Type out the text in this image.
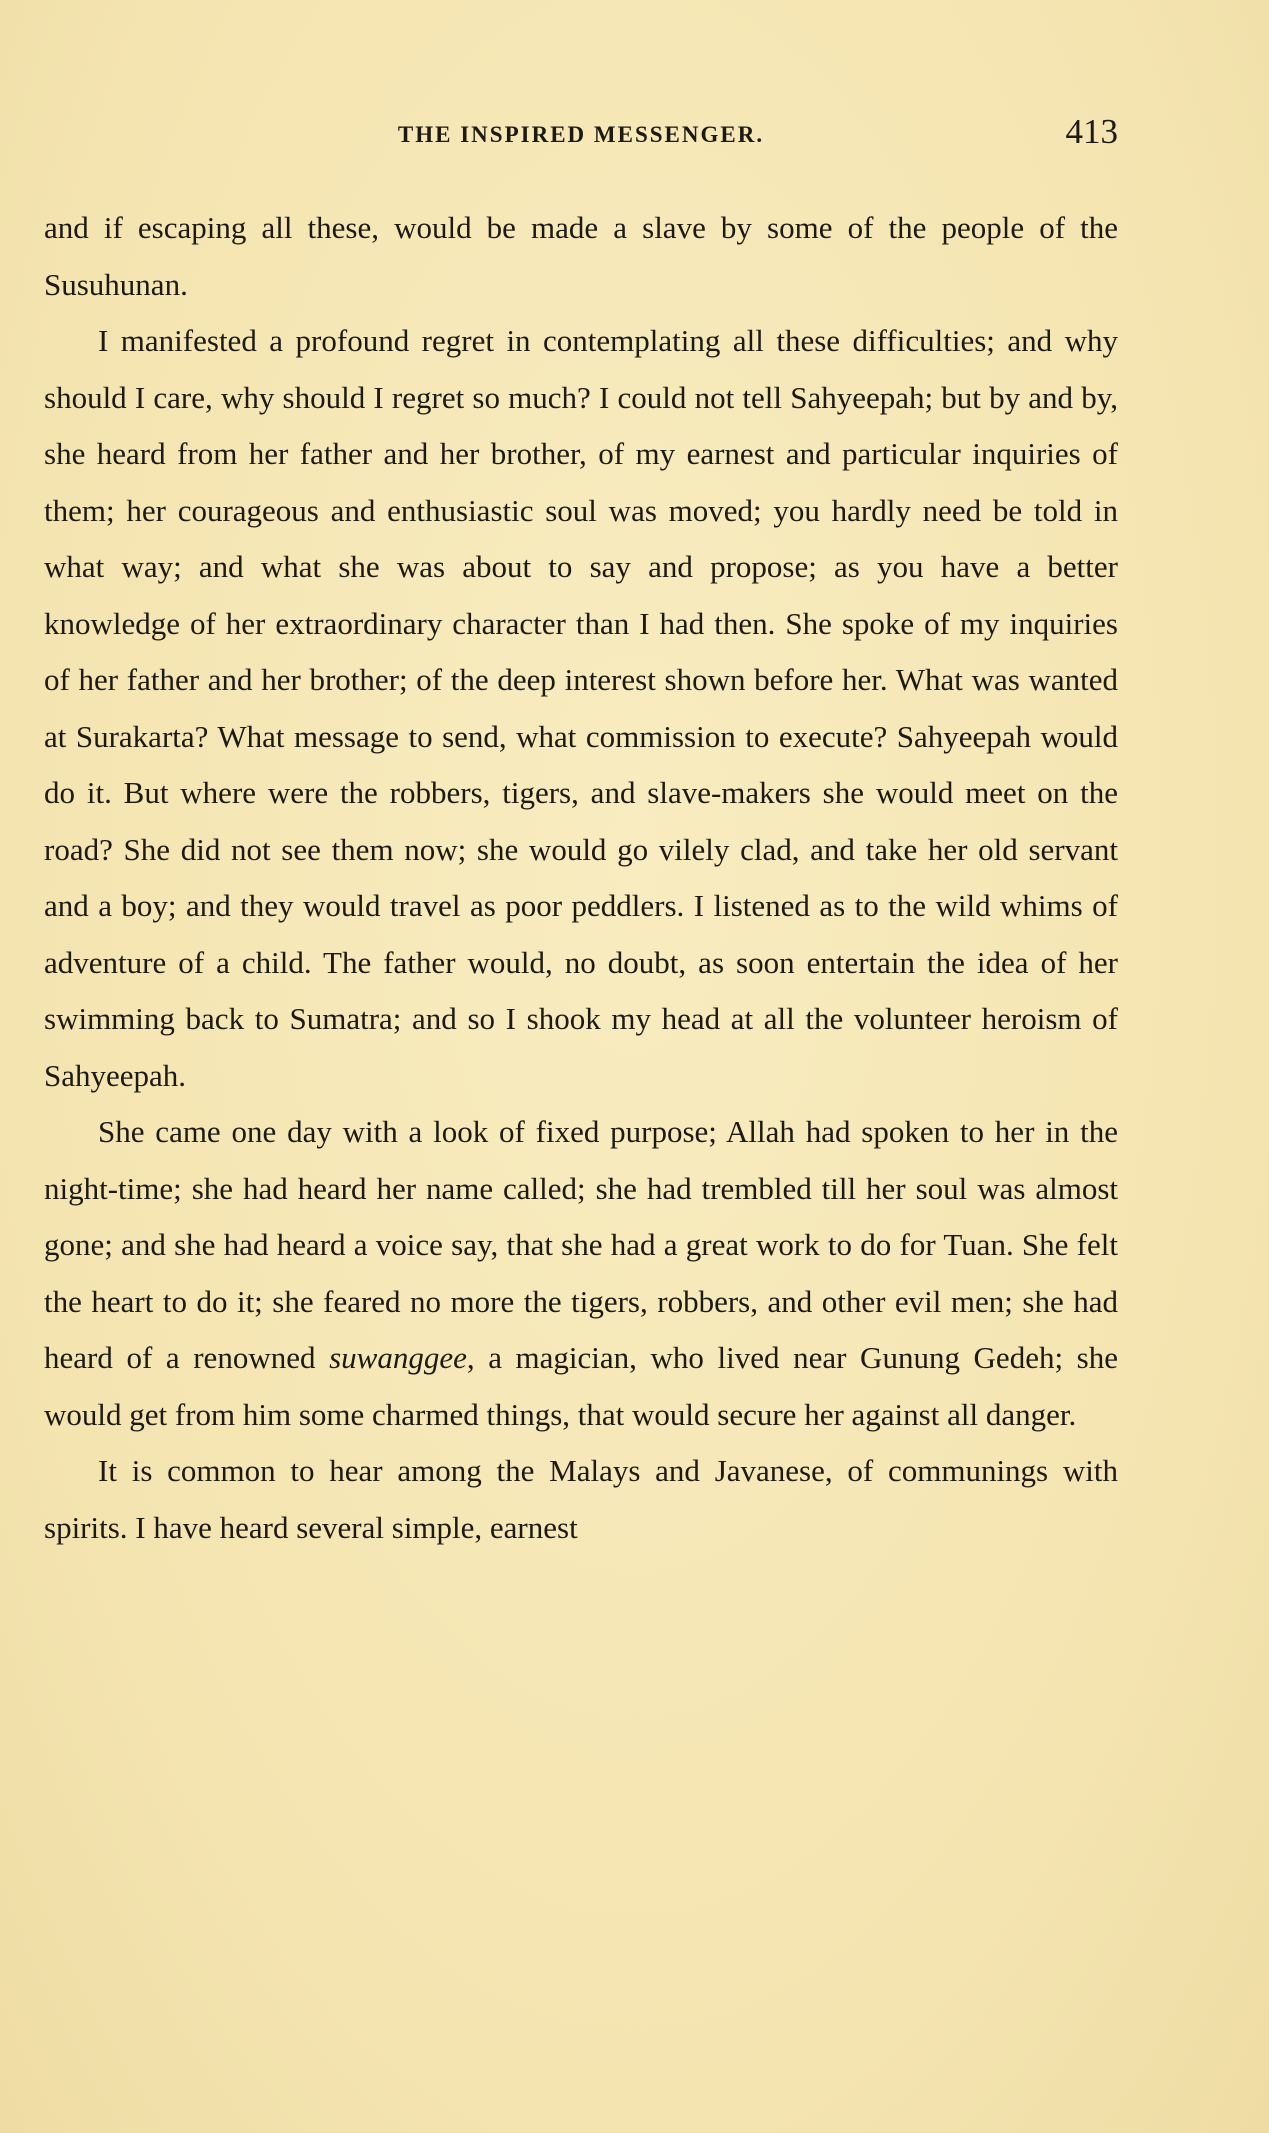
THE INSPIRED MESSENGER.	413

and if escaping all these, would be made a slave by some of the people of the Susuhunan.

I manifested a profound regret in contemplating all these difficulties; and why should I care, why should I regret so much? I could not tell Sahyeepah; but by and by, she heard from her father and her brother, of my earnest and particular inquiries of them; her courageous and enthusiastic soul was moved; you hardly need be told in what way; and what she was about to say and propose; as you have a better knowledge of her extraordinary character than I had then. She spoke of my inquiries of her father and her brother; of the deep interest shown before her. What was wanted at Surakarta? What message to send, what commission to execute? Sahyeepah would do it. But where were the robbers, tigers, and slave-makers she would meet on the road? She did not see them now; she would go vilely clad, and take her old servant and a boy; and they would travel as poor peddlers. I listened as to the wild whims of adventure of a child. The father would, no doubt, as soon entertain the idea of her swimming back to Sumatra; and so I shook my head at all the volunteer heroism of Sahyeepah.

She came one day with a look of fixed purpose; Allah had spoken to her in the night-time; she had heard her name called; she had trembled till her soul was almost gone; and she had heard a voice say, that she had a great work to do for Tuan. She felt the heart to do it; she feared no more the tigers, robbers, and other evil men; she had heard of a renowned suwanggee, a magician, who lived near Gunung Gedeh; she would get from him some charmed things, that would secure her against all danger.

It is common to hear among the Malays and Javanese, of communings with spirits. I have heard several simple, earnest
